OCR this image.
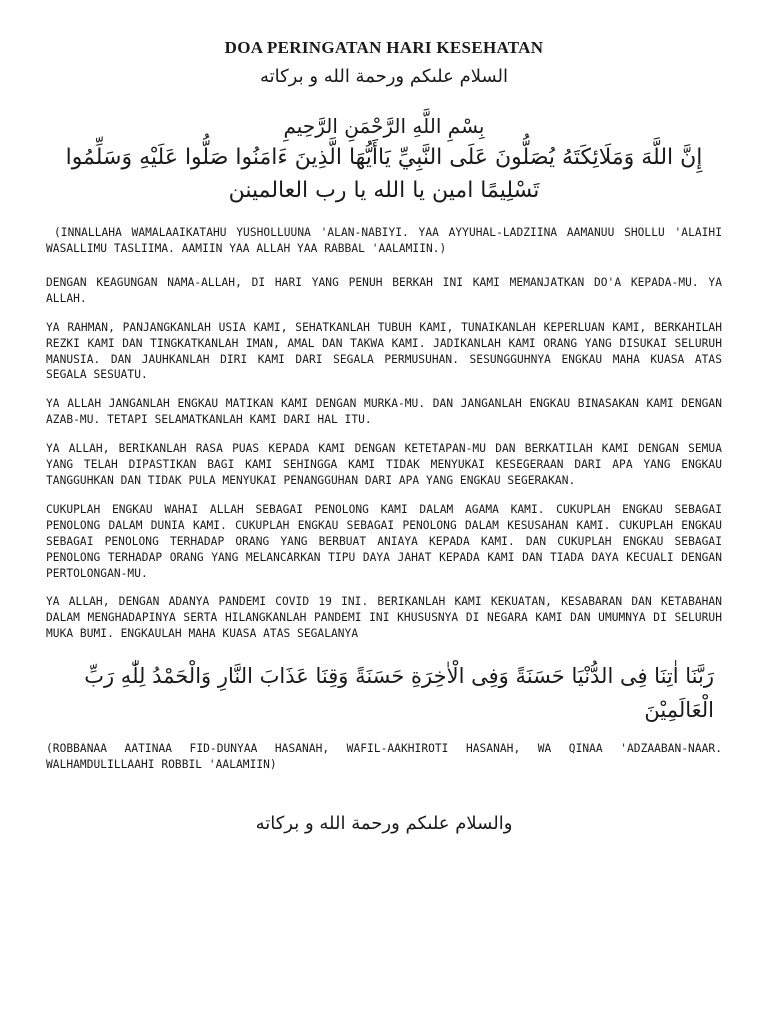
DOA PERINGATAN HARI KESEHATAN

السلام علىكم ورحمة الله و بركاته

بِسْمِ اللَّهِ الرَّحْمَنِ الرَّحِيمِ

إِنَّ اللَّهَ وَمَلَائِكَتَهُ يُصَلُّونَ عَلَى النَّبِيِّ يَاأَيُّهَا الَّذِينَ ءَامَنُوا صَلُّوا عَلَيْهِ وَسَلِّمُوا تَسْلِيمًا امين يا الله يا رب العالمينن

(INNALLAHA WAMALAAIKATAHU YUSHOLLUUNA 'ALAN-NABIYI. YAA AYYUHAL-LADZIINA AAMANUU SHOLLU 'ALAIHI WASALLIMU TASLIIMA. AAMIIN YAA ALLAH YAA RABBAL 'AALAMIIN.)

DENGAN KEAGUNGAN NAMA-ALLAH, DI HARI YANG PENUH BERKAH INI KAMI MEMANJATKAN DO'A KEPADA-MU. YA ALLAH.

YA RAHMAN, PANJANGKANLAH USIA KAMI, SEHATKANLAH TUBUH KAMI, TUNAIKANLAH KEPERLUAN KAMI, BERKAHILAH REZKI KAMI DAN TINGKATKANLAH IMAN, AMAL DAN TAKWA KAMI. JADIKANLAH KAMI ORANG YANG DISUKAI SELURUH MANUSIA. DAN JAUHKANLAH DIRI KAMI DARI SEGALA PERMUSUHAN. SESUNGGUHNYA ENGKAU MAHA KUASA ATAS SEGALA SESUATU.

YA ALLAH JANGANLAH ENGKAU MATIKAN KAMI DENGAN MURKA-MU. DAN JANGANLAH ENGKAU BINASAKAN KAMI DENGAN AZAB-MU. TETAPI SELAMATKANLAH KAMI DARI HAL ITU.

YA ALLAH, BERIKANLAH RASA PUAS KEPADA KAMI DENGAN KETETAPAN-MU DAN BERKATILAH KAMI DENGAN SEMUA YANG TELAH DIPASTIKAN BAGI KAMI SEHINGGA KAMI TIDAK MENYUKAI KESEGERAAN DARI APA YANG ENGKAU TANGGUHKAN DAN TIDAK PULA MENYUKAI PENANGGUHAN DARI APA YANG ENGKAU SEGERAKAN.

CUKUPLAH ENGKAU WAHAI ALLAH SEBAGAI PENOLONG KAMI DALAM AGAMA KAMI. CUKUPLAH ENGKAU SEBAGAI PENOLONG DALAM DUNIA KAMI. CUKUPLAH ENGKAU SEBAGAI PENOLONG DALAM KESUSAHAN KAMI. CUKUPLAH ENGKAU SEBAGAI PENOLONG TERHADAP ORANG YANG BERBUAT ANIAYA KEPADA KAMI. DAN CUKUPLAH ENGKAU SEBAGAI PENOLONG TERHADAP ORANG YANG MELANCARKAN TIPU DAYA JAHAT KEPADA KAMI DAN TIADA DAYA KECUALI DENGAN PERTOLONGAN-MU.

YA ALLAH, DENGAN ADANYA PANDEMI COVID 19 INI. BERIKANLAH KAMI KEKUATAN, KESABARAN DAN KETABAHAN DALAM MENGHADAPINYA SERTA HILANGKANLAH PANDEMI INI KHUSUSNYA DI NEGARA KAMI DAN UMUMNYA DI SELURUH MUKA BUMI. ENGKAULAH MAHA KUASA ATAS SEGALANYA

رَبَّنَا اٰتِنَا فِى الدُّنْيَا حَسَنَةً وَفِى الْاٰخِرَةِ حَسَنَةً وَقِنَا عَذَابَ النَّارِ وَالْحَمْدُ لِلّٰهِ رَبِّ الْعَالَمِيْنَ

(ROBBANAA AATINAA FID-DUNYAA HASANAH, WAFIL-AAKHIROTI HASANAH, WA QINAA 'ADZAABAN-NAAR. WALHAMDULILLAAHI ROBBIL 'AALAMIIN)

والسلام علىكم ورحمة الله و بركاته
